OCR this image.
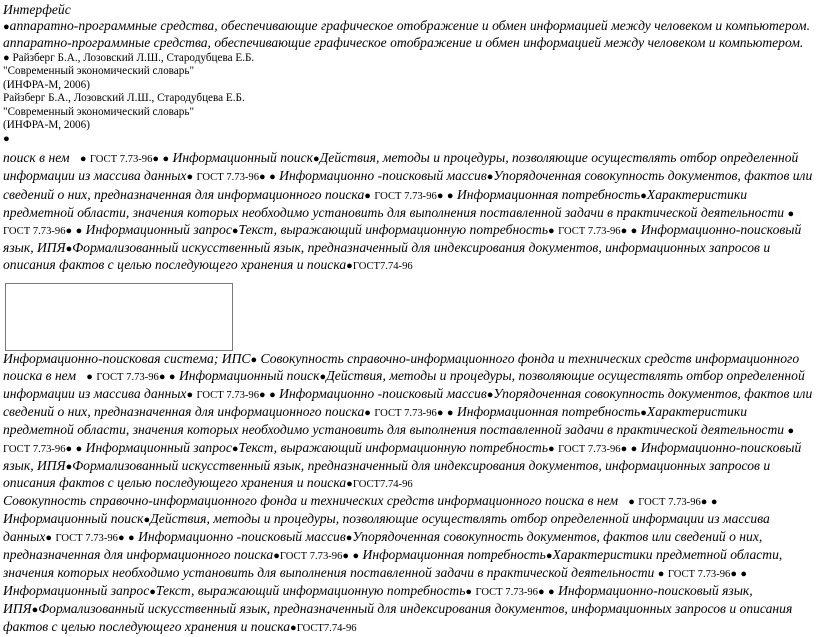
Интерфейс
●аппаратно-программные средства, обеспечивающие графическое отображение и обмен информацией между человеком и компьютером.
аппаратно-программные средства, обеспечивающие графическое отображение и обмен информацией между человеком и компьютером.
● Райзберг Б.А., Лозовский Л.Ш., Стародубцева Е.Б.
"Современный экономический словарь"
(ИНФРА-М, 2006)
Райзберг Б.А., Лозовский Л.Ш., Стародубцева Е.Б.
"Современный экономический словарь"
(ИНФРА-М, 2006)
●

поиск в нем ● ГОСТ 7.73-96● ● Информационный поиск●Действия, методы и процедуры, позволяющие осуществлять отбор определенной информации из массива данных● ГОСТ 7.73-96● ● Информационно -поисковый массив●Упорядоченная совокупность документов, фактов или сведений о них, предназначенная для информационного поиска● ГОСТ 7.73-96● ● Информационная потребность●Характеристики предметной области, значения которых необходимо установить для выполнения поставленной задачи в практической деятельности ● ГОСТ 7.73-96● ● Информационный запрос●Текст, выражающий информационную потребность● ГОСТ 7.73-96● ● Информационно-поисковый язык, ИПЯ●Формализованный искусственный язык, предназначенный для индексирования документов, информационных запросов и описания фактов с целью последующего хранения и поиска●ГОСТ7.74-96

Информационно-поисковая система; ИПС● Совокупность справочно-информационного фонда и технических средств информационного поиска в нем ● ГОСТ 7.73-96● ● Информационный поиск●Действия, методы и процедуры, позволяющие осуществлять отбор определенной информации из массива данных● ГОСТ 7.73-96● ● Информационно -поисковый массив●Упорядоченная совокупность документов, фактов или сведений о них, предназначенная для информационного поиска● ГОСТ 7.73-96● ● Информационная потребность●Характеристики предметной области, значения которых необходимо установить для выполнения поставленной задачи в практической деятельности ● ГОСТ 7.73-96● ● Информационный запрос●Текст, выражающий информационную потребность● ГОСТ 7.73-96● ● Информационно-поисковый язык, ИПЯ●Формализованный искусственный язык, предназначенный для индексирования документов, информационных запросов и описания фактов с целью последующего хранения и поиска●ГОСТ7.74-96

Совокупность справочно-информационного фонда и технических средств информационного поиска в нем ● ГОСТ 7.73-96● ● Информационный поиск●Действия, методы и процедуры, позволяющие осуществлять отбор определенной информации из массива данных● ГОСТ 7.73-96● ● Информационно -поисковый массив●Упорядоченная совокупность документов, фактов или сведений о них, предназначенная для информационного поиска●ГОСТ 7.73-96● ● Информационная потребность●Характеристики предметной области, значения которых необходимо установить для выполнения поставленной задачи в практической деятельности ● ГОСТ 7.73-96● ● Информационный запрос●Текст, выражающий информационную потребность● ГОСТ 7.73-96● ● Информационно-поисковый язык, ИПЯ●Формализованный искусственный язык, предназначенный для индексирования документов, информационных запросов и описания фактов с целью последующего хранения и поиска●ГОСТ7.74-96
